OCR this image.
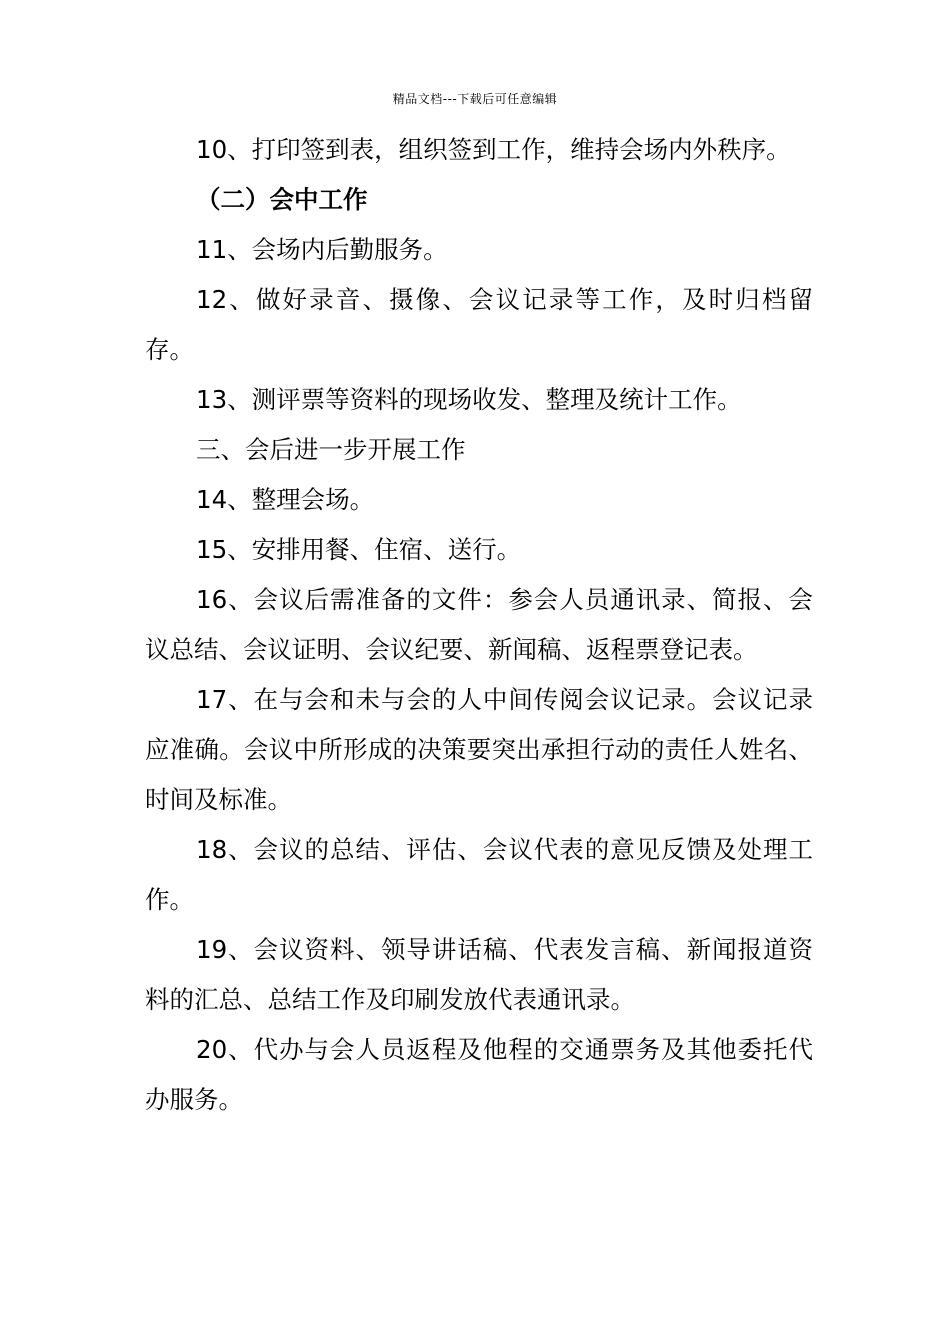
精品文档---下载后可任意编辑

10、打印签到表，组织签到工作，维持会场内外秩序。

（二）会中工作

11、会场内后勤服务。

12、做好录音、摄像、会议记录等工作，及时归档留存。

13、测评票等资料的现场收发、整理及统计工作。

三、会后进一步开展工作

14、整理会场。

15、安排用餐、住宿、送行。

16、会议后需准备的文件：参会人员通讯录、简报、会议总结、会议证明、会议纪要、新闻稿、返程票登记表。

17、在与会和未与会的人中间传阅会议记录。会议记录应准确。会议中所形成的决策要突出承担行动的责任人姓名、时间及标准。

18、会议的总结、评估、会议代表的意见反馈及处理工作。

19、会议资料、领导讲话稿、代表发言稿、新闻报道资料的汇总、总结工作及印刷发放代表通讯录。

20、代办与会人员返程及他程的交通票务及其他委托代办服务。
